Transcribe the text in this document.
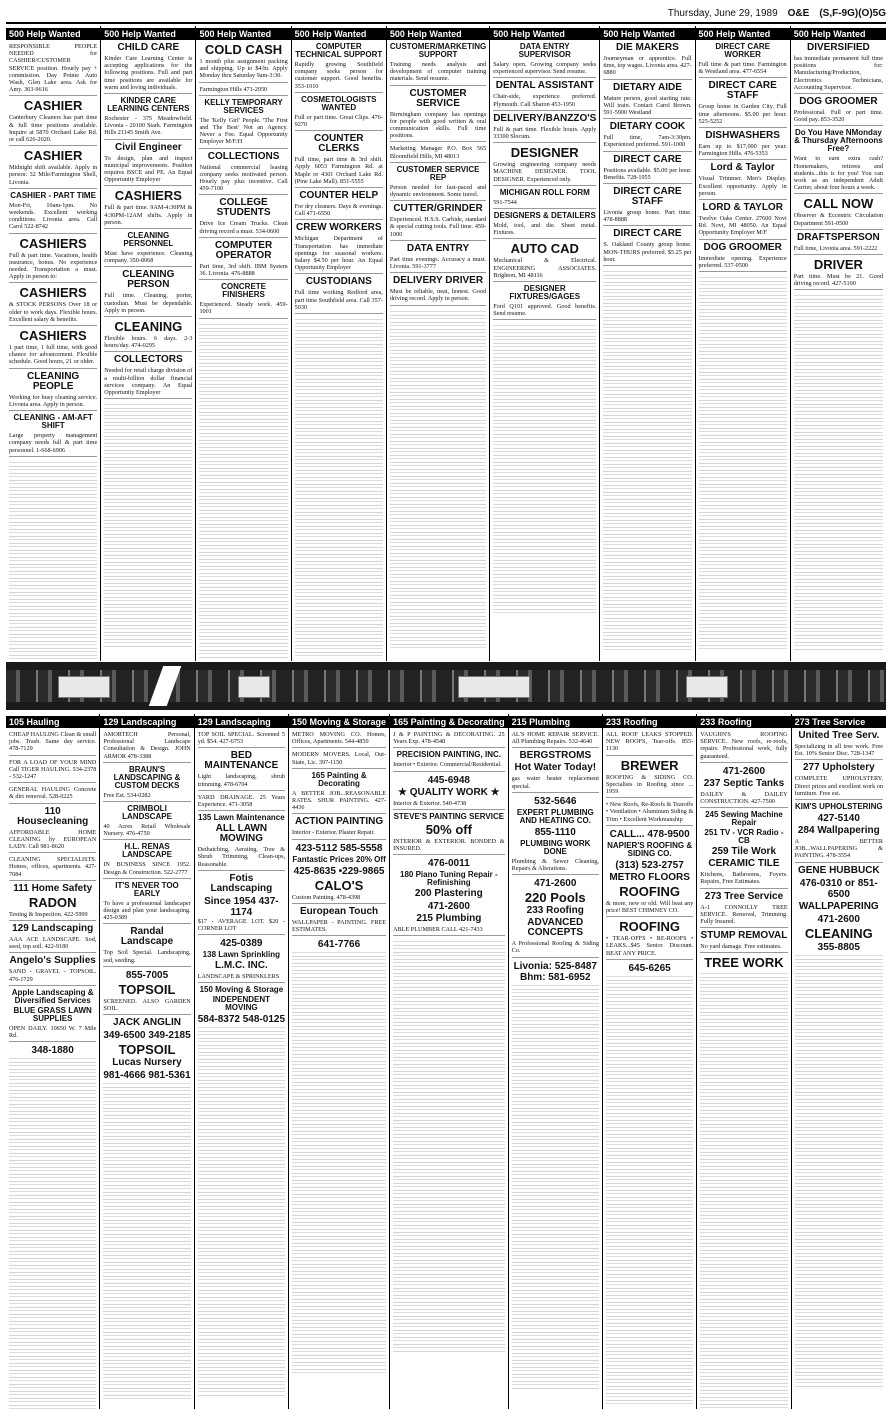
Thursday, June 29, 1989 O&E (S,F-9G)(O)5G
500 Help Wanted
RESPONSIBLE PEOPLE NEEDED for CASHIER/CUSTOMER SERVICE position. Hourly pay + commission. Day Pointe Auto Wash, Glen Lake area. Ask for Amy. 363-9616
CASHIER
Canterbury Cleaners has part time & full time positions available. Inquire at 5870 Orchard Lake Rd. or call 626-2020.
CASHIER
Midnight shift available. Apply in person: 32 Mile/Farmington Shell, Livonia.
CASHIER - PART TIME
Mon-Fri, 10am-1pm. No weekends. Excellent working conditions. Livonia area. Call Carol 522-8742
CASHIERS
Full & part time. Vacations, health insurance, bonus. No experience needed. Transportation a must. Apply in person to:
CASHIERS
& STOCK PERSONS Over 18 or older to work days. Flexible hours. Excellent salary & benefits.
CASHIERS
1 part time, 1 full time, with good chance for advancement. Flexible schedule. Good hours, 21 or older.
CLEANING PEOPLE
Working for busy cleaning service. Livonia area. Apply in person.
CLEANING - AM-AFT SHIFT
Large property management company needs full & part time personnel. 1-668-6906
500 Help Wanted
CHILD CARE
Kinder Care Learning Center is accepting applications for the following positions. Full and part time positions are available for warm and loving individuals.
KINDER CARE LEARNING CENTERS
Rochester - 375 Meadowfield. Livonia - 20100 Stark. Farmington Hills 21145 Smith Ave.
Civil Engineer
To design, plan and inspect municipal improvements. Position requires BSCE and PE. An Equal Opportunity Employer
CASHIERS
Full & part time. 9AM-4:30PM & 4:30PM-12AM shifts. Apply in person.
CLEANING PERSONNEL
Must have experience. Cleaning company. 350-8068
CLEANING PERSON
Full time. Cleaning, porter, custodian. Must be dependable. Apply in person.
CLEANING
Flexible hours. 6 days. 2-3 hours/day. 474-0295
COLLECTORS
Needed for retail charge division of a multi-billion dollar financial services company. An Equal Opportunity Employer
500 Help Wanted
COLD CASH
1 month plus assignment packing and shipping. Up to $4/hr. Apply Monday thru Saturday 9am-3:30.
Farmington Hills 471-2050
KELLY TEMPORARY SERVICES
The 'Kelly Girl' People. 'The First and The Best' Not an Agency. Never a Fee. Equal Opportunity Employer M/F/H
COLLECTIONS
National commercial leasing company seeks motivated person. Hourly pay plus incentive. Call 459-7100
COLLEGE STUDENTS
Drive Ice Cream Trucks. Clean driving record a must. 534-0600
COMPUTER OPERATOR
Part time, 3rd shift. IBM System 36. Livonia. 476-8888
CONCRETE FINISHERS
Experienced. Steady work. 459-1001
500 Help Wanted
COMPUTER TECHNICAL SUPPORT
Rapidly growing Southfield company seeks person for customer support. Good benefits. 353-1010
COSMETOLOGISTS WANTED
Full or part time. Great Clips. 476-9270
COUNTER CLERKS
Full time, part time & 3rd shift. Apply 6053 Farmington Rd. at Maple or 4301 Orchard Lake Rd. (Pine Lake Mall). 851-5555
COUNTER HELP
For dry cleaners. Days & evenings. Call 471-6550
CREW WORKERS
Michigan Department of Transportation has immediate openings for seasonal workers. Salary $4.50 per hour. An Equal Opportunity Employer
CUSTODIANS
Full time working Redford area, part time Southfield area. Call 357-5030
500 Help Wanted
CUSTOMER/MARKETING SUPPORT
Training needs analysis and development of computer training materials. Send resume.
CUSTOMER SERVICE
Birmingham company has openings for people with good written & oral communication skills. Full time positions.
Marketing Manager P.O. Box 565 Bloomfield Hills, MI 48013
CUSTOMER SERVICE REP
Person needed for fast-paced and dynamic environment. Some travel.
CUTTER/GRINDER
Experienced. H.S.S. Carbide, standard & special cutting tools. Full time. 459-1000
DATA ENTRY
Part time evenings. Accuracy a must. Livonia. 591-3777
DELIVERY DRIVER
Must be reliable, neat, honest. Good driving record. Apply in person.
500 Help Wanted
DATA ENTRY SUPERVISOR
Salary open. Growing company seeks experienced supervisor. Send resume.
DENTAL ASSISTANT
Chair-side, experience preferred. Plymouth. Call Sharon 453-1950
DELIVERY/BANZZO'S
Full & part time. Flexible hours. Apply 33300 Slocum.
DESIGNER
Growing engineering company needs MACHINE DESIGNER. TOOL DESIGNER. Experienced only.
MICHIGAN ROLL FORM
591-7544
DESIGNERS & DETAILERS
Mold, tool, and die. Sheet metal. Fixtures.
AUTO CAD
Mechanical & Electrical. ENGINEERING ASSOCIATES. Brighton, MI 48116
DESIGNER FIXTURES/GAGES
Ford Q101 approved. Good benefits. Send resume.
500 Help Wanted
DIE MAKERS
Journeyman or apprentice. Full time, top wages. Livonia area. 427-6880
DIETARY AIDE
Mature person, good starting rate. Will train. Contact Carol Brown. 591-5900 Westland
DIETARY COOK
Full time, 7am-3:30pm. Experienced preferred. 591-1000
DIRECT CARE
Positions available. $5.00 per hour. Benefits. 728-1955
DIRECT CARE STAFF
Livonia group home. Part time. 478-8888
DIRECT CARE
S. Oakland County group home. MON-THURS preferred. $5.25 per hour.
500 Help Wanted
DIRECT CARE WORKER
Full time & part time. Farmington & Westland area. 477-6554
DIRECT CARE STAFF
Group home in Garden City. Full time afternoons. $5.00 per hour. 525-5252
DISHWASHERS
Earn up to $17,000 per year. Farmington Hills. 476-5353
Lord & Taylor
Visual Trimmer. Men's Display. Excellent opportunity. Apply in person.
LORD & TAYLOR
Twelve Oaks Center. 27600 Novi Rd. Novi, MI 48050. An Equal Opportunity Employer M/F
DOG GROOMER
Immediate opening. Experience preferred. 537-0500
500 Help Wanted
DIVERSIFIED
has immediate permanent full time positions for: Manufacturing/Production, Electronics Technicians, Accounting Supervisor.
DOG GROOMER
Professional. Full or part time. Good pay. 853-3520
Do You Have NMonday & Thursday Afternoons Free?
Want to earn extra cash? Homemakers, retirees and students...this is for you! You can work as an independent Adult Carrier, about four hours a week.
CALL NOW
Observer & Eccentric Circulation Department 591-0500
DRAFTSPERSON
Full time, Livonia area. 591-2222
DRIVER
Part time. Must be 21. Good driving record. 427-5100
105 Hauling
CHEAP HAULING Clean & small jobs. Trash. Same day service. 478-7129
FOR A LOAD OF YOUR MIND Call TIGER HAULING. 534-2378 - 532-1247
GENERAL HAULING Concrete & dirt removal. 528-0225
110 Housecleaning
AFFORDABLE HOME CLEANING by EUROPEAN LADY. Call 981-8620
CLEANING SPECIALISTS. Homes, offices, apartments. 427-7084
111 Home Safety
RADON
Testing & Inspection. 422-5999
129 Landscaping
AAA ACE LANDSCAPE. Sod, seed, top soil. 422-9180
Angelo's Supplies
SAND - GRAVEL - TOPSOIL. 476-1729
Apple Landscaping & Diversified Services
BLUE GRASS LAWN SUPPLIES
OPEN DAILY. 10650 W. 7 Mile Rd.
348-1880
129 Landscaping
AMORTECH Personal, Professional Landscape Consultation & Design. JOHN ARMOR 478-3388
BRAUN'S LANDSCAPING & CUSTOM DECKS
Free Est. 534-0282
CRIMBOLI LANDSCAPE
40 Acres Retail Wholesale Nursery. 476-4750
H.L. RENAS LANDSCAPE
IN BUSINESS SINCE 1952. Design & Construction. 522-2777
IT'S NEVER TOO EARLY
To have a professional landscaper design and plan your landscaping. 425-0389
Randal Landscape
Top Soil Special. Landscaping, sod, seeding.
855-7005
TOPSOIL
SCREENED. ALSO GARDEN SOIL.
JACK ANGLIN
349-6500 349-2185
TOPSOIL
Lucas Nursery
981-4666 981-5361
129 Landscaping
TOP SOIL SPECIAL. Screened 5 yd. $54. 427-6753
BED MAINTENANCE
Light landscaping, shrub trimming. 478-6704
YARD DRAINAGE. 25 Years Experience. 471-3058
135 Lawn Maintenance
ALL LAWN MOWING
Dethatching, Aerating, Tree & Shrub Trimming, Clean-ups, Reasonable.
Fotis Landscaping
Since 1954 437-1174
$17 - AVERAGE LOT. $20 - CORNER LOT
425-0389
138 Lawn Sprinkling
L.M.C. INC.
LANDSCAPE & SPRINKLERS
150 Moving & Storage
INDEPENDENT MOVING
584-8372 548-0125
150 Moving & Storage
METRO MOVING CO. Homes, Offices, Apartments. 544-4850
MODERN MOVERS. Local, Out-State, Lic. 397-1150
165 Painting & Decorating
A BETTER JOB...REASONABLE RATES. SHUR PAINTING. 427-4436
ACTION PAINTING
Interior - Exterior. Plaster Repair.
423-5112 585-5558
Fantastic Prices 20% Off
425-8635 •229-9865
CALO'S
Custom Painting. 478-4398
European Touch
WALLPAPER - PAINTING. FREE ESTIMATES.
641-7766
165 Painting & Decorating
J & P PAINTING & DECORATING. 25 Years Exp. 478-4548
PRECISION PAINTING, INC.
Interior • Exterior. Commercial/Residential.
445-6948
★ QUALITY WORK ★
Interior & Exterior. 540-4738
STEVE'S PAINTING SERVICE
50% off
INTERIOR & EXTERIOR. BONDED & INSURED.
476-0011
180 Piano Tuning Repair - Refinishing
200 Plastering
471-2600
215 Plumbing
ABLE PLUMBER CALL 421-7433
215 Plumbing
AL'S HOME REPAIR SERVICE. All Plumbing Repairs. 532-4640
BERGSTROMS
Hot Water Today!
gas water heater replacement special.
532-5646
EXPERT PLUMBING AND HEATING CO.
855-1110
PLUMBING WORK DONE
Plumbing & Sewer Cleaning, Repairs & Alterations.
471-2600
220 Pools
233 Roofing
ADVANCED CONCEPTS
A Professional Roofing & Siding Co.
Livonia: 525-8487 Bhm: 581-6952
233 Roofing
ALL ROOF LEAKS STOPPED. NEW ROOFS, Tear-offs. 855-1130
BREWER
ROOFING & SIDING CO. Specialists in Roofing since ... 1959
• New Roofs, Re-Roofs & Tearoffs • Ventilation • Aluminum Siding & Trim • Excellent Workmanship
CALL... 478-9500
NAPIER'S ROOFING & SIDING CO.
(313) 523-2757
METRO FLOORS
ROOFING
& more, new or old. Will beat any price! BEST CHIMNEY CO.
ROOFING
• TEAR-OFFS • RE-ROOFS • LEAKS...$45 Senior Discount. BEAT ANY PRICE.
645-6265
233 Roofing
VAUGHN'S ROOFING SERVICE. New roofs, re-roofs, repairs. Professional work, fully guaranteed.
471-2600
237 Septic Tanks
DAILEY & DAILEY CONSTRUCTION. 427-7500
245 Sewing Machine Repair
251 TV - VCR Radio - CB
259 Tile Work
CERAMIC TILE
Kitchens, Bathrooms, Foyers. Repairs, Free Estimates.
273 Tree Service
A-1 CONNOLLY TREE SERVICE. Removal, Trimming. Fully Insured.
STUMP REMOVAL
No yard damage. Free estimates.
TREE WORK
273 Tree Service
United Tree Serv.
Specializing in all tree work. Free Est. 10% Senior Disc. 728-1347
277 Upholstery
COMPLETE UPHOLSTERY. Direct prices and excellent work on furniture. Free est.
KIM'S UPHOLSTERING
427-5140
284 Wallpapering
A BETTER JOB...WALLPAPERING & PAINTING. 478-3554
GENE HUBBUCK
476-0310 or 851-6500
WALLPAPERING
471-2600
CLEANING
355-8805
